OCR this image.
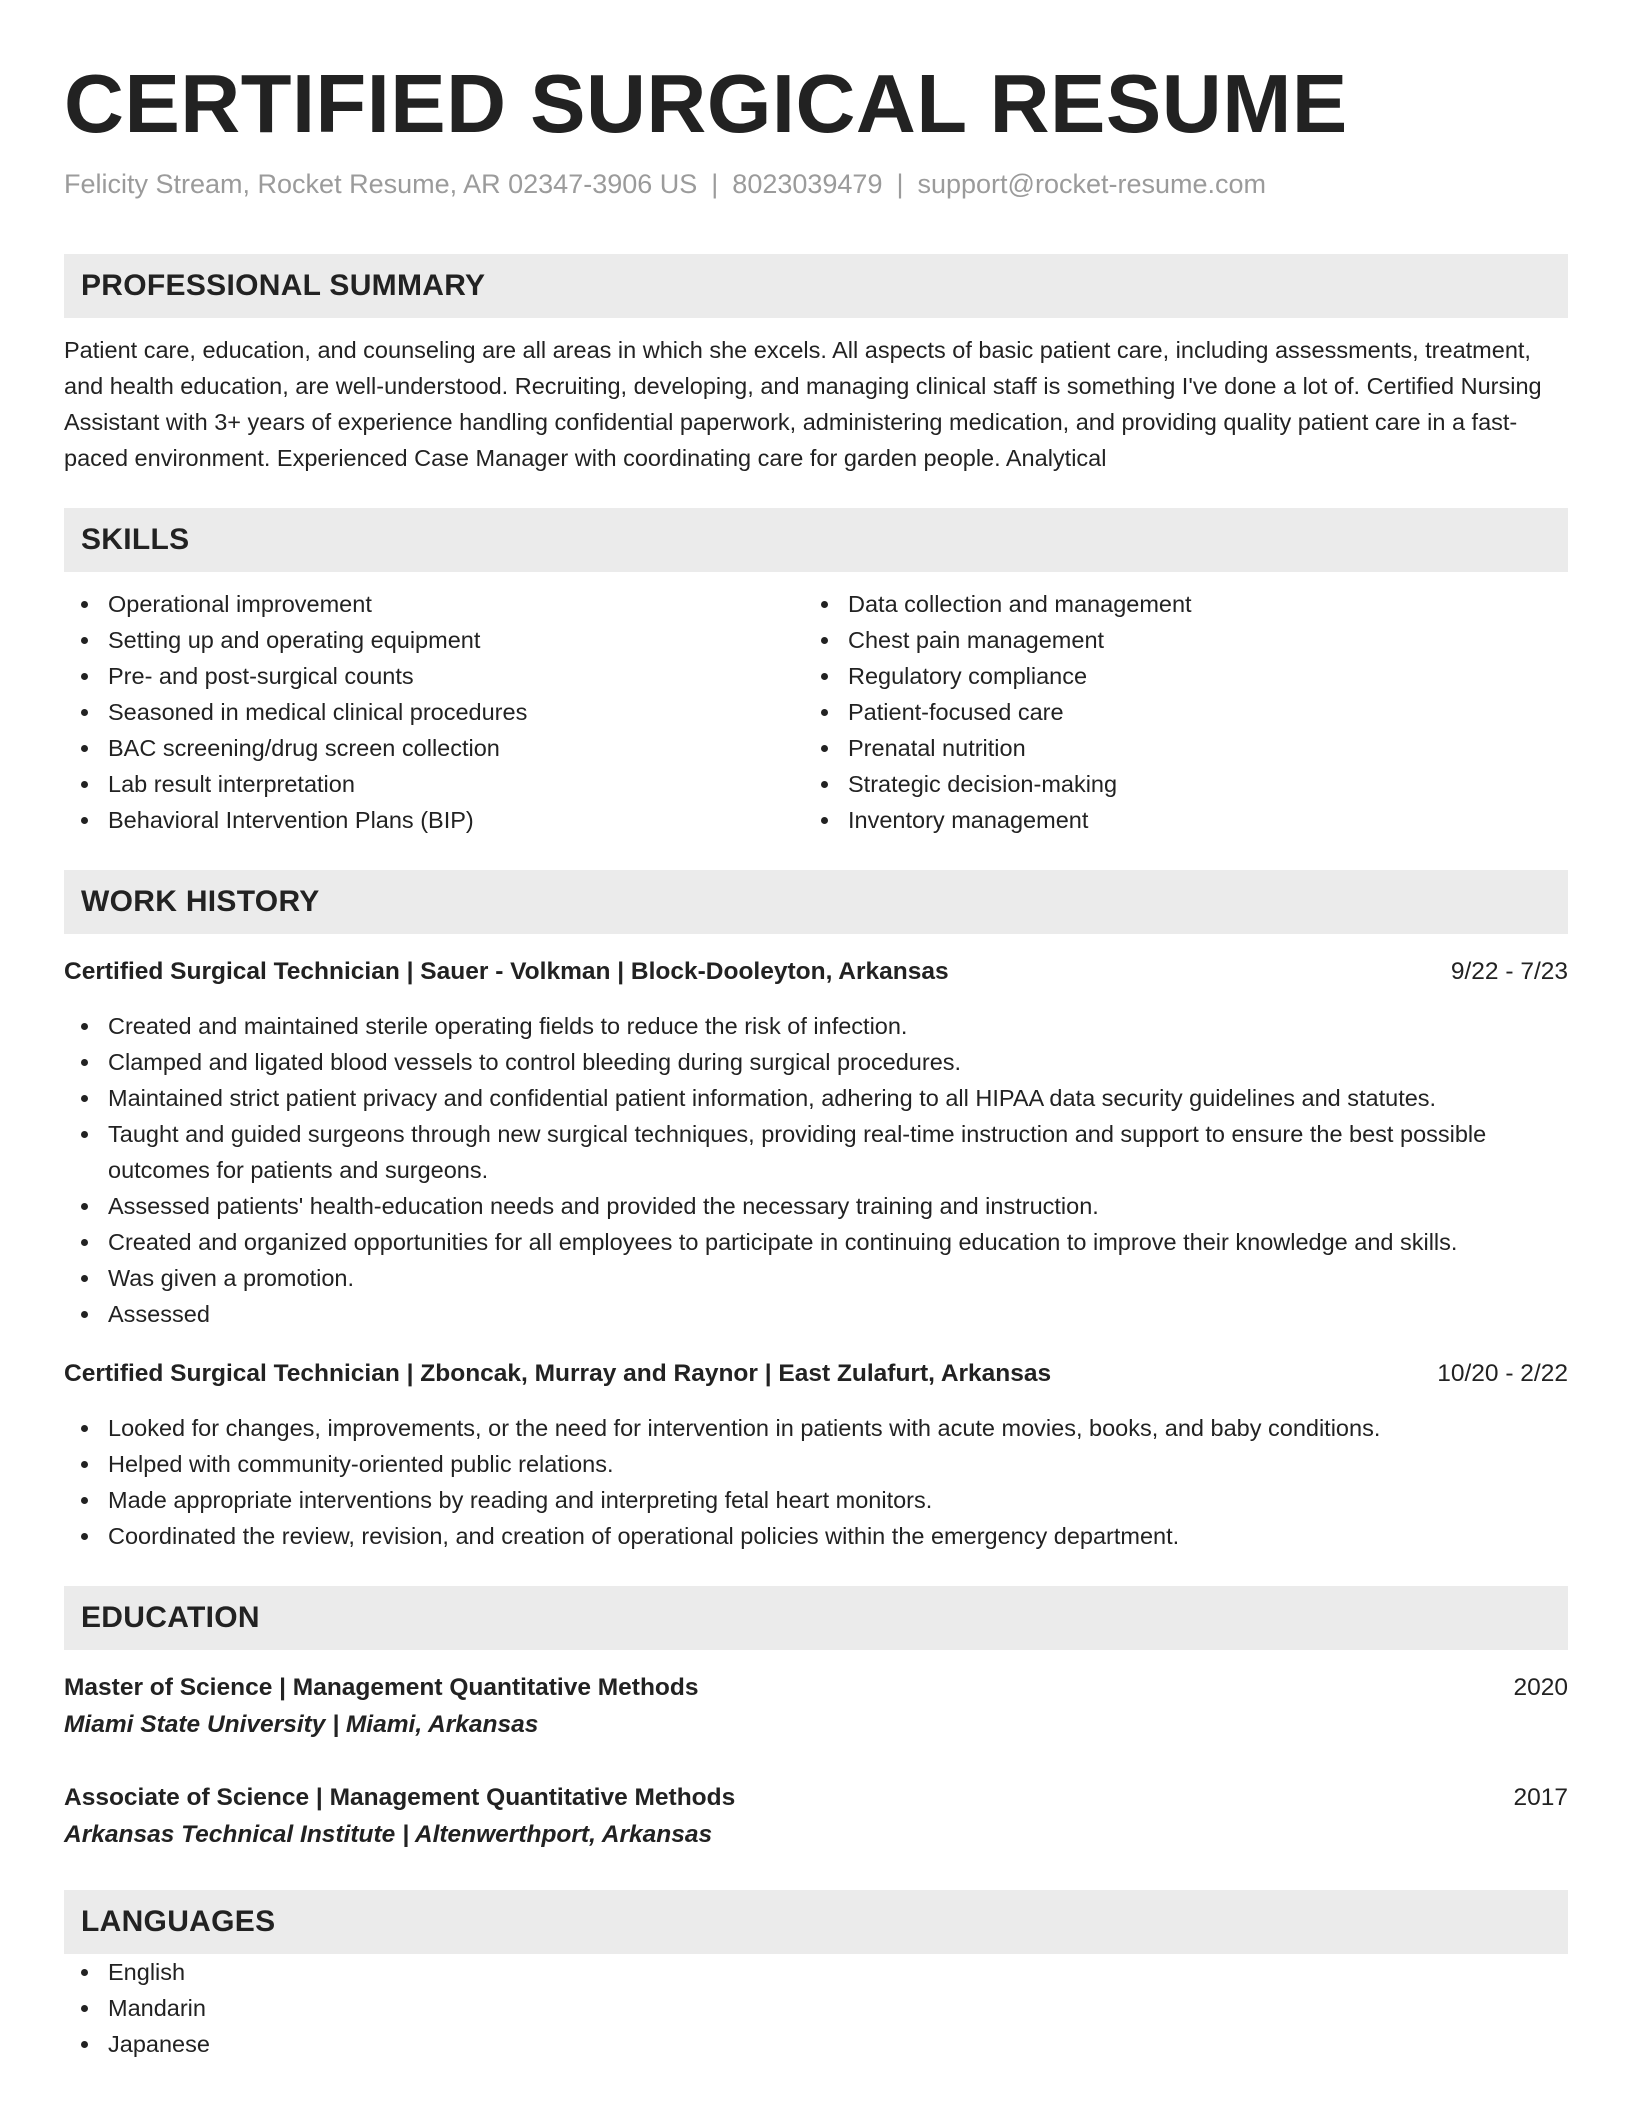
CERTIFIED SURGICAL RESUME
Felicity Stream, Rocket Resume, AR 02347-3906 US | 8023039479 | support@rocket-resume.com
PROFESSIONAL SUMMARY
Patient care, education, and counseling are all areas in which she excels. All aspects of basic patient care, including assessments, treatment, and health education, are well-understood. Recruiting, developing, and managing clinical staff is something I've done a lot of. Certified Nursing Assistant with 3+ years of experience handling confidential paperwork, administering medication, and providing quality patient care in a fast-paced environment. Experienced Case Manager with coordinating care for garden people. Analytical
SKILLS
Operational improvement
Setting up and operating equipment
Pre- and post-surgical counts
Seasoned in medical clinical procedures
BAC screening/drug screen collection
Lab result interpretation
Behavioral Intervention Plans (BIP)
Data collection and management
Chest pain management
Regulatory compliance
Patient-focused care
Prenatal nutrition
Strategic decision-making
Inventory management
WORK HISTORY
Certified Surgical Technician | Sauer - Volkman | Block-Dooleyton, Arkansas	9/22 - 7/23
Created and maintained sterile operating fields to reduce the risk of infection.
Clamped and ligated blood vessels to control bleeding during surgical procedures.
Maintained strict patient privacy and confidential patient information, adhering to all HIPAA data security guidelines and statutes.
Taught and guided surgeons through new surgical techniques, providing real-time instruction and support to ensure the best possible outcomes for patients and surgeons.
Assessed patients' health-education needs and provided the necessary training and instruction.
Created and organized opportunities for all employees to participate in continuing education to improve their knowledge and skills.
Was given a promotion.
Assessed
Certified Surgical Technician | Zboncak, Murray and Raynor | East Zulafurt, Arkansas	10/20 - 2/22
Looked for changes, improvements, or the need for intervention in patients with acute movies, books, and baby conditions.
Helped with community-oriented public relations.
Made appropriate interventions by reading and interpreting fetal heart monitors.
Coordinated the review, revision, and creation of operational policies within the emergency department.
EDUCATION
Master of Science | Management Quantitative Methods	2020
Miami State University | Miami, Arkansas
Associate of Science | Management Quantitative Methods	2017
Arkansas Technical Institute | Altenwerthport, Arkansas
LANGUAGES
English
Mandarin
Japanese
